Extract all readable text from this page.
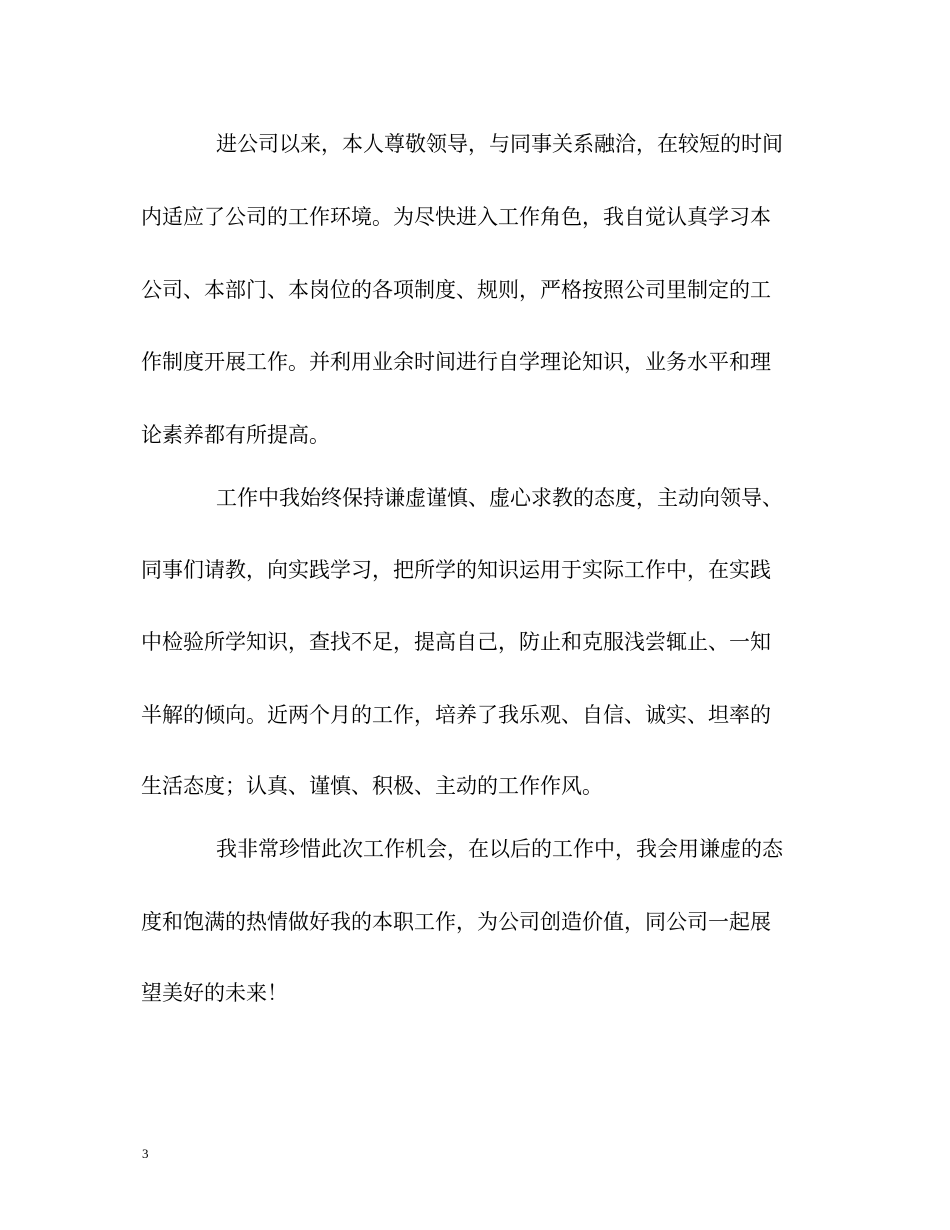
进公司以来，本人尊敬领导，与同事关系融洽，在较短的时间

内适应了公司的工作环境。为尽快进入工作角色，我自觉认真学习本

公司、本部门、本岗位的各项制度、规则，严格按照公司里制定的工

作制度开展工作。并利用业余时间进行自学理论知识，业务水平和理

论素养都有所提高。

工作中我始终保持谦虚谨慎、虚心求教的态度，主动向领导、

同事们请教，向实践学习，把所学的知识运用于实际工作中，在实践

中检验所学知识，查找不足，提高自己，防止和克服浅尝辄止、一知

半解的倾向。近两个月的工作，培养了我乐观、自信、诚实、坦率的

生活态度；认真、谨慎、积极、主动的工作作风。

我非常珍惜此次工作机会，在以后的工作中，我会用谦虚的态

度和饱满的热情做好我的本职工作，为公司创造价值，同公司一起展

望美好的未来！

3
